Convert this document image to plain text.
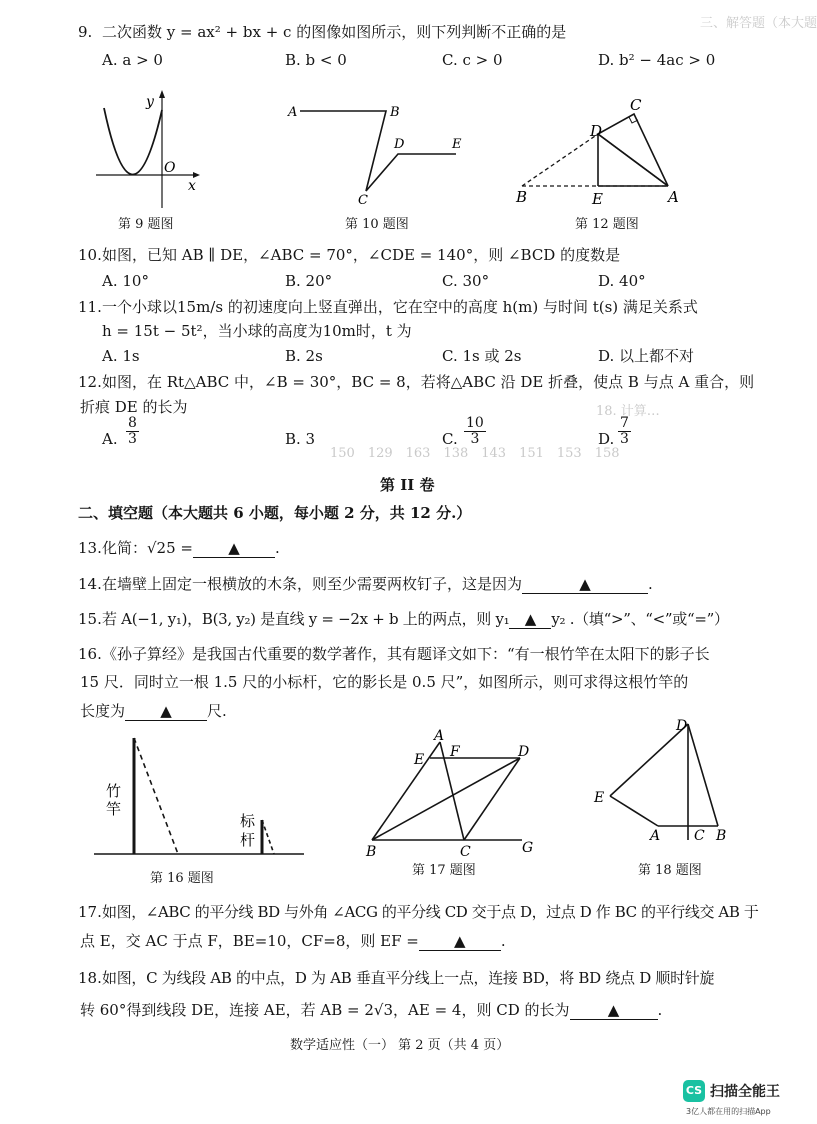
三、解答题（本大题
18. 计算…
150　129　163　138　143　151　153　158
9. 二次函数 y = ax² + bx + c 的图像如图所示，则下列判断不正确的是
A. a > 0	B. b < 0	C. c > 0	D. b² − 4ac > 0
y
O
x
第 9 题图
A	B
C
D	E
第 10 题图
B	E	A
D
C
第 12 题图
10. 如图，已知 AB ∥ DE，∠ABC = 70°，∠CDE = 140°，则 ∠BCD 的度数是
A. 10°	B. 20°	C. 30°	D. 40°
11. 一个小球以15m/s 的初速度向上竖直弹出，它在空中的高度 h(m) 与时间 t(s) 满足关系式
h = 15t − 5t²，当小球的高度为10m时，t 为
A. 1s	B. 2s	C. 1s 或 2s	D. 以上都不对
12. 如图，在 Rt△ABC 中，∠B = 30°，BC = 8，若将△ABC 沿 DE 折叠，使点 B 与点 A 重合，则
折痕 DE 的长为
A. $\frac{8}{3}$	B. 3	C. $\frac{10}{3}$	D. $\frac{7}{3}$
第 II 卷
二、填空题（本大题共 6 小题，每小题 2 分，共 12 分.）
13. 化简：√25 = ▲ .
14. 在墙壁上固定一根横放的木条，则至少需要两枚钉子，这是因为	▲	.
15. 若 A(−1, y₁)，B(3, y₂) 是直线 y = −2x + b 上的两点，则 y₁ ▲ y₂ .（填“>”、“<”或“=”）
16. 《孙子算经》是我国古代重要的数学著作，其有题译文如下：“有一根竹竿在太阳下的影子长
15 尺．同时立一根 1.5 尺的小标杆，它的影长是 0.5 尺”，如图所示，则可求得这根竹竿的
长度为 ▲ 尺.
竹
竿
标
杆
第 16 题图
A
F
E	D
B	C	G
第 17 题图
D
E
A C B
第 18 题图
17. 如图，∠ABC 的平分线 BD 与外角 ∠ACG 的平分线 CD 交于点 D，过点 D 作 BC 的平行线交 AB 于
点 E，交 AC 于点 F，BE=10，CF=8，则 EF = ▲ .
18. 如图，C 为线段 AB 的中点，D 为 AB 垂直平分线上一点，连接 BD，将 BD 绕点 D 顺时针旋
转 60°得到线段 DE，连接 AE，若 AB = 2√3，AE = 4，则 CD 的长为	▲	.
数学适应性（一） 第 2 页（共 4 页）
CS 扫描全能王
3亿人都在用的扫描App
